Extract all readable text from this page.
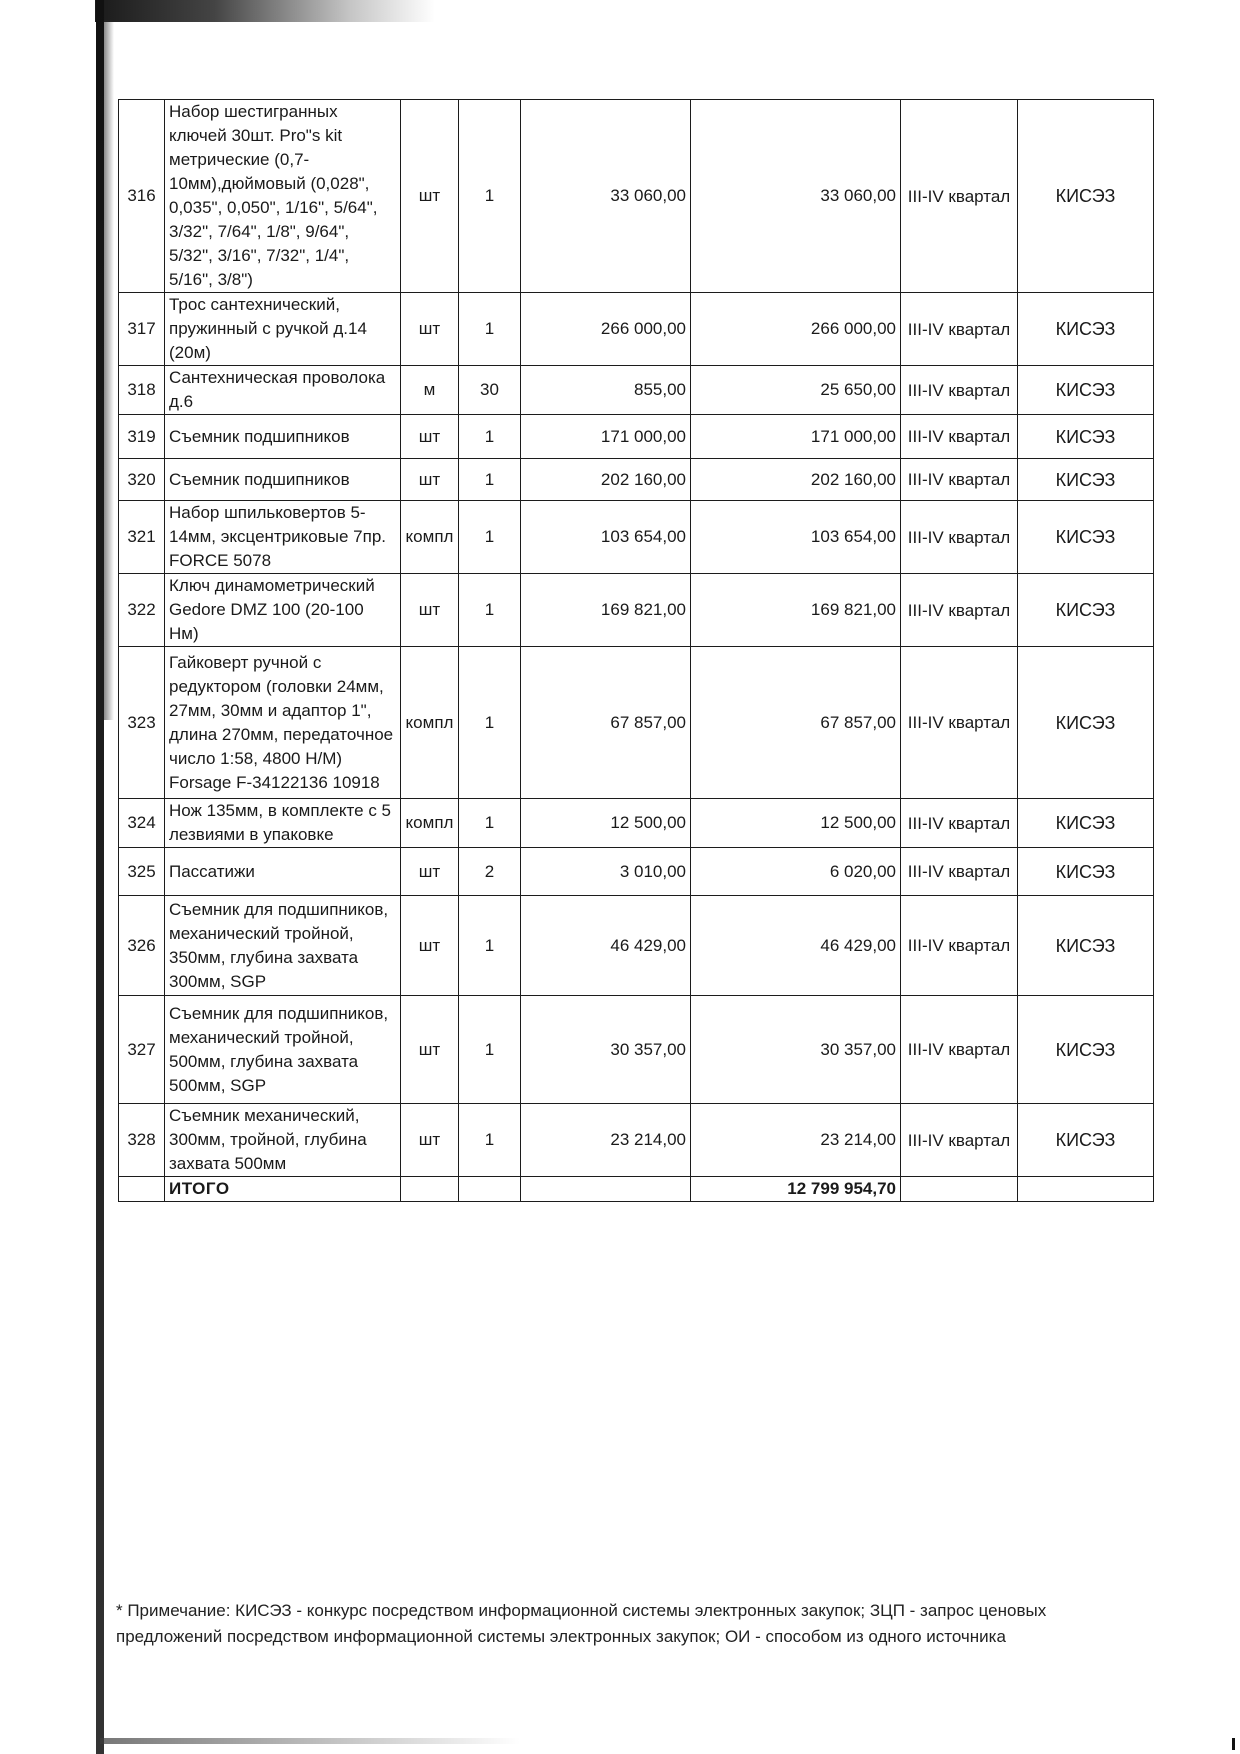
316	Набор шестигранных ключей 30шт. Pro"s kit метрические (0,7-10мм),дюймовый (0,028", 0,035", 0,050", 1/16", 5/64", 3/32", 7/64", 1/8", 9/64", 5/32", 3/16", 7/32", 1/4", 5/16", 3/8")	шт	1	33 060,00	33 060,00	III-IV квартал	КИСЭЗ
317	Трос сантехнический, пружинный с ручкой д.14 (20м)	шт	1	266 000,00	266 000,00	III-IV квартал	КИСЭЗ
318	Сантехническая проволока д.6	м	30	855,00	25 650,00	III-IV квартал	КИСЭЗ
319	Съемник подшипников	шт	1	171 000,00	171 000,00	III-IV квартал	КИСЭЗ
320	Съемник подшипников	шт	1	202 160,00	202 160,00	III-IV квартал	КИСЭЗ
321	Набор шпильковертов 5-14мм, эксцентриковые 7пр. FORCE 5078	компл	1	103 654,00	103 654,00	III-IV квартал	КИСЭЗ
322	Ключ динамометрический Gedore DMZ 100 (20-100 Нм)	шт	1	169 821,00	169 821,00	III-IV квартал	КИСЭЗ
323	Гайковерт ручной с редуктором (головки 24мм, 27мм, 30мм и адаптор 1", длина 270мм, передаточное число 1:58, 4800 Н/М) Forsage F-34122136 10918	компл	1	67 857,00	67 857,00	III-IV квартал	КИСЭЗ
324	Нож 135мм, в комплекте с 5 лезвиями в упаковке	компл	1	12 500,00	12 500,00	III-IV квартал	КИСЭЗ
325	Пассатижи	шт	2	3 010,00	6 020,00	III-IV квартал	КИСЭЗ
326	Съемник для подшипников, механический тройной, 350мм, глубина захвата 300мм, SGP	шт	1	46 429,00	46 429,00	III-IV квартал	КИСЭЗ
327	Съемник для подшипников, механический тройной, 500мм, глубина захвата 500мм, SGP	шт	1	30 357,00	30 357,00	III-IV квартал	КИСЭЗ
328	Съемник механический, 300мм, тройной, глубина захвата 500мм	шт	1	23 214,00	23 214,00	III-IV квартал	КИСЭЗ
	ИТОГО				12 799 954,70		
* Примечание: КИСЭЗ - конкурс посредством информационной системы электронных закупок; ЗЦП - запрос ценовых предложений посредством информационной системы электронных закупок; ОИ - способом из одного источника
